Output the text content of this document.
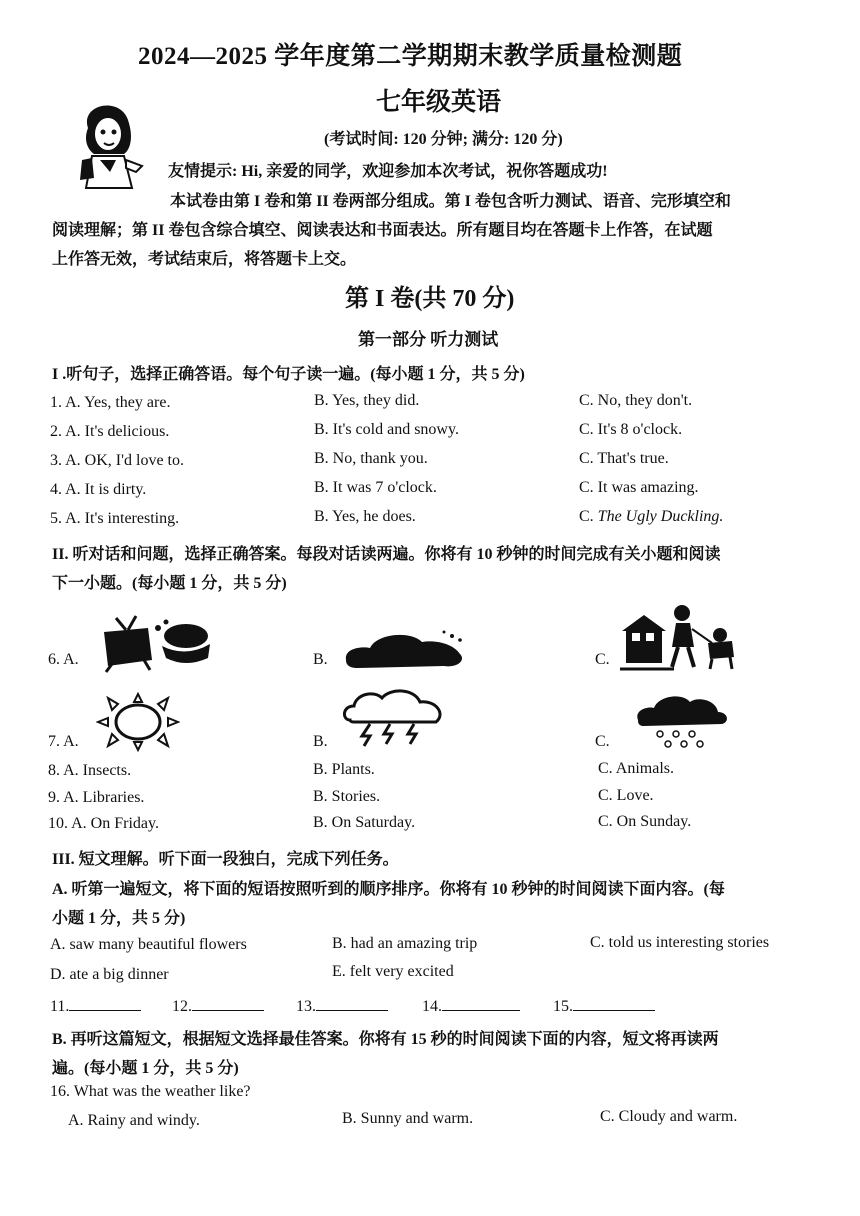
2024—2025 学年度第二学期期末教学质量检测题
七年级英语
(考试时间: 120 分钟; 满分: 120 分)
友情提示: Hi, 亲爱的同学，欢迎参加本次考试，祝你答题成功!
本试卷由第 I 卷和第 II 卷两部分组成。第 I 卷包含听力测试、语音、完形填空和
阅读理解；第 II 卷包含综合填空、阅读表达和书面表达。所有题目均在答题卡上作答，在试题
上作答无效，考试结束后，将答题卡上交。
第 I 卷(共 70 分)
第一部分 听力测试
I .听句子，选择正确答语。每个句子读一遍。(每小题 1 分，共 5 分)
1. A. Yes, they are.	B. Yes, they did.	C. No, they don't.
2. A. It's delicious.	B. It's cold and snowy.	C. It's 8 o'clock.
3. A. OK, I'd love to.	B. No, thank you.	C. That's true.
4. A. It is dirty.	B. It was 7 o'clock.	C. It was amazing.
5. A. It's interesting.	B. Yes, he does.	C. The Ugly Duckling.
II. 听对话和问题，选择正确答案。每段对话读两遍。你将有 10 秒钟的时间完成有关小题和阅读
下一小题。(每小题 1 分，共 5 分)
6. A.	B.	C.
7. A.	B.	C.
8. A. Insects.	B. Plants.	C. Animals.
9. A. Libraries.	B. Stories.	C. Love.
10. A. On Friday.	B. On Saturday.	C. On Sunday.
III. 短文理解。听下面一段独白，完成下列任务。
A. 听第一遍短文，将下面的短语按照听到的顺序排序。你将有 10 秒钟的时间阅读下面内容。(每
小题 1 分，共 5 分)
A. saw many beautiful flowers	B. had an amazing trip	C. told us interesting stories
D. ate a big dinner	E. felt very excited
11.	12.	13.	14.	15.
B. 再听这篇短文，根据短文选择最佳答案。你将有 15 秒的时间阅读下面的内容，短文将再读两
遍。(每小题 1 分，共 5 分)
16. What was the weather like?
A. Rainy and windy.	B. Sunny and warm.	C. Cloudy and warm.
